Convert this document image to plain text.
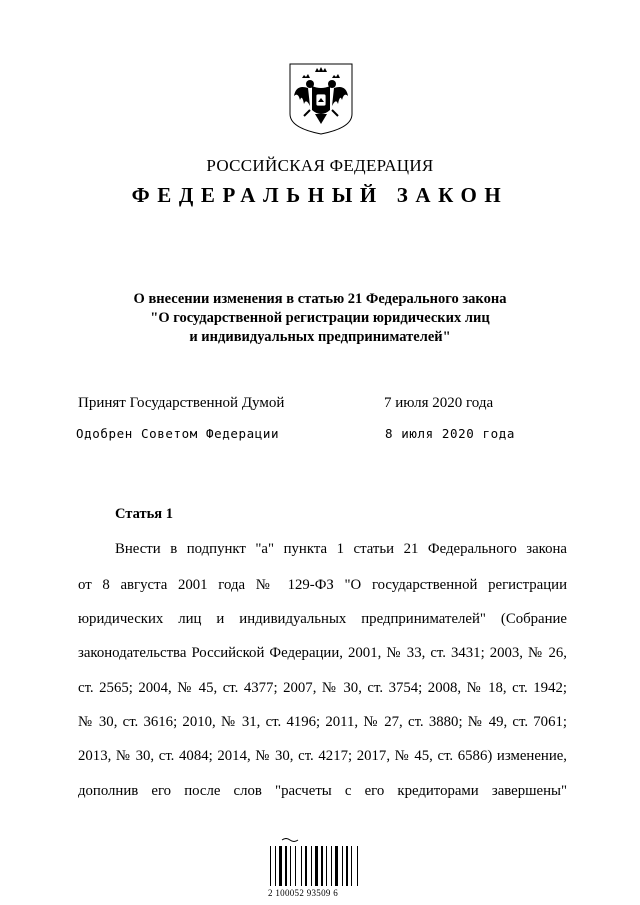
РОССИЙСКАЯ ФЕДЕРАЦИЯ
ФЕДЕРАЛЬНЫЙ ЗАКОН
О внесении изменения в статью 21 Федерального закона
"О государственной регистрации юридических лиц
и индивидуальных предпринимателей"
Принят Государственной Думой	7 июля 2020 года
Одобрен Советом Федерации	8 июля 2020 года
Статья 1
Внести в подпункт "а" пункта 1 статьи 21 Федерального закона
от 8 августа 2001 года № 129-ФЗ "О государственной регистрации
юридических лиц и индивидуальных предпринимателей" (Собрание
законодательства Российской Федерации, 2001, № 33, ст. 3431; 2003, № 26,
ст. 2565; 2004, № 45, ст. 4377; 2007, № 30, ст. 3754; 2008, № 18, ст. 1942;
№ 30, ст. 3616; 2010, № 31, ст. 4196; 2011, № 27, ст. 3880; № 49, ст. 7061;
2013, № 30, ст. 4084; 2014, № 30, ст. 4217; 2017, № 45, ст. 6586) изменение,
дополнив его после слов "расчеты с его кредиторами завершены"
2 100052 93509 6
